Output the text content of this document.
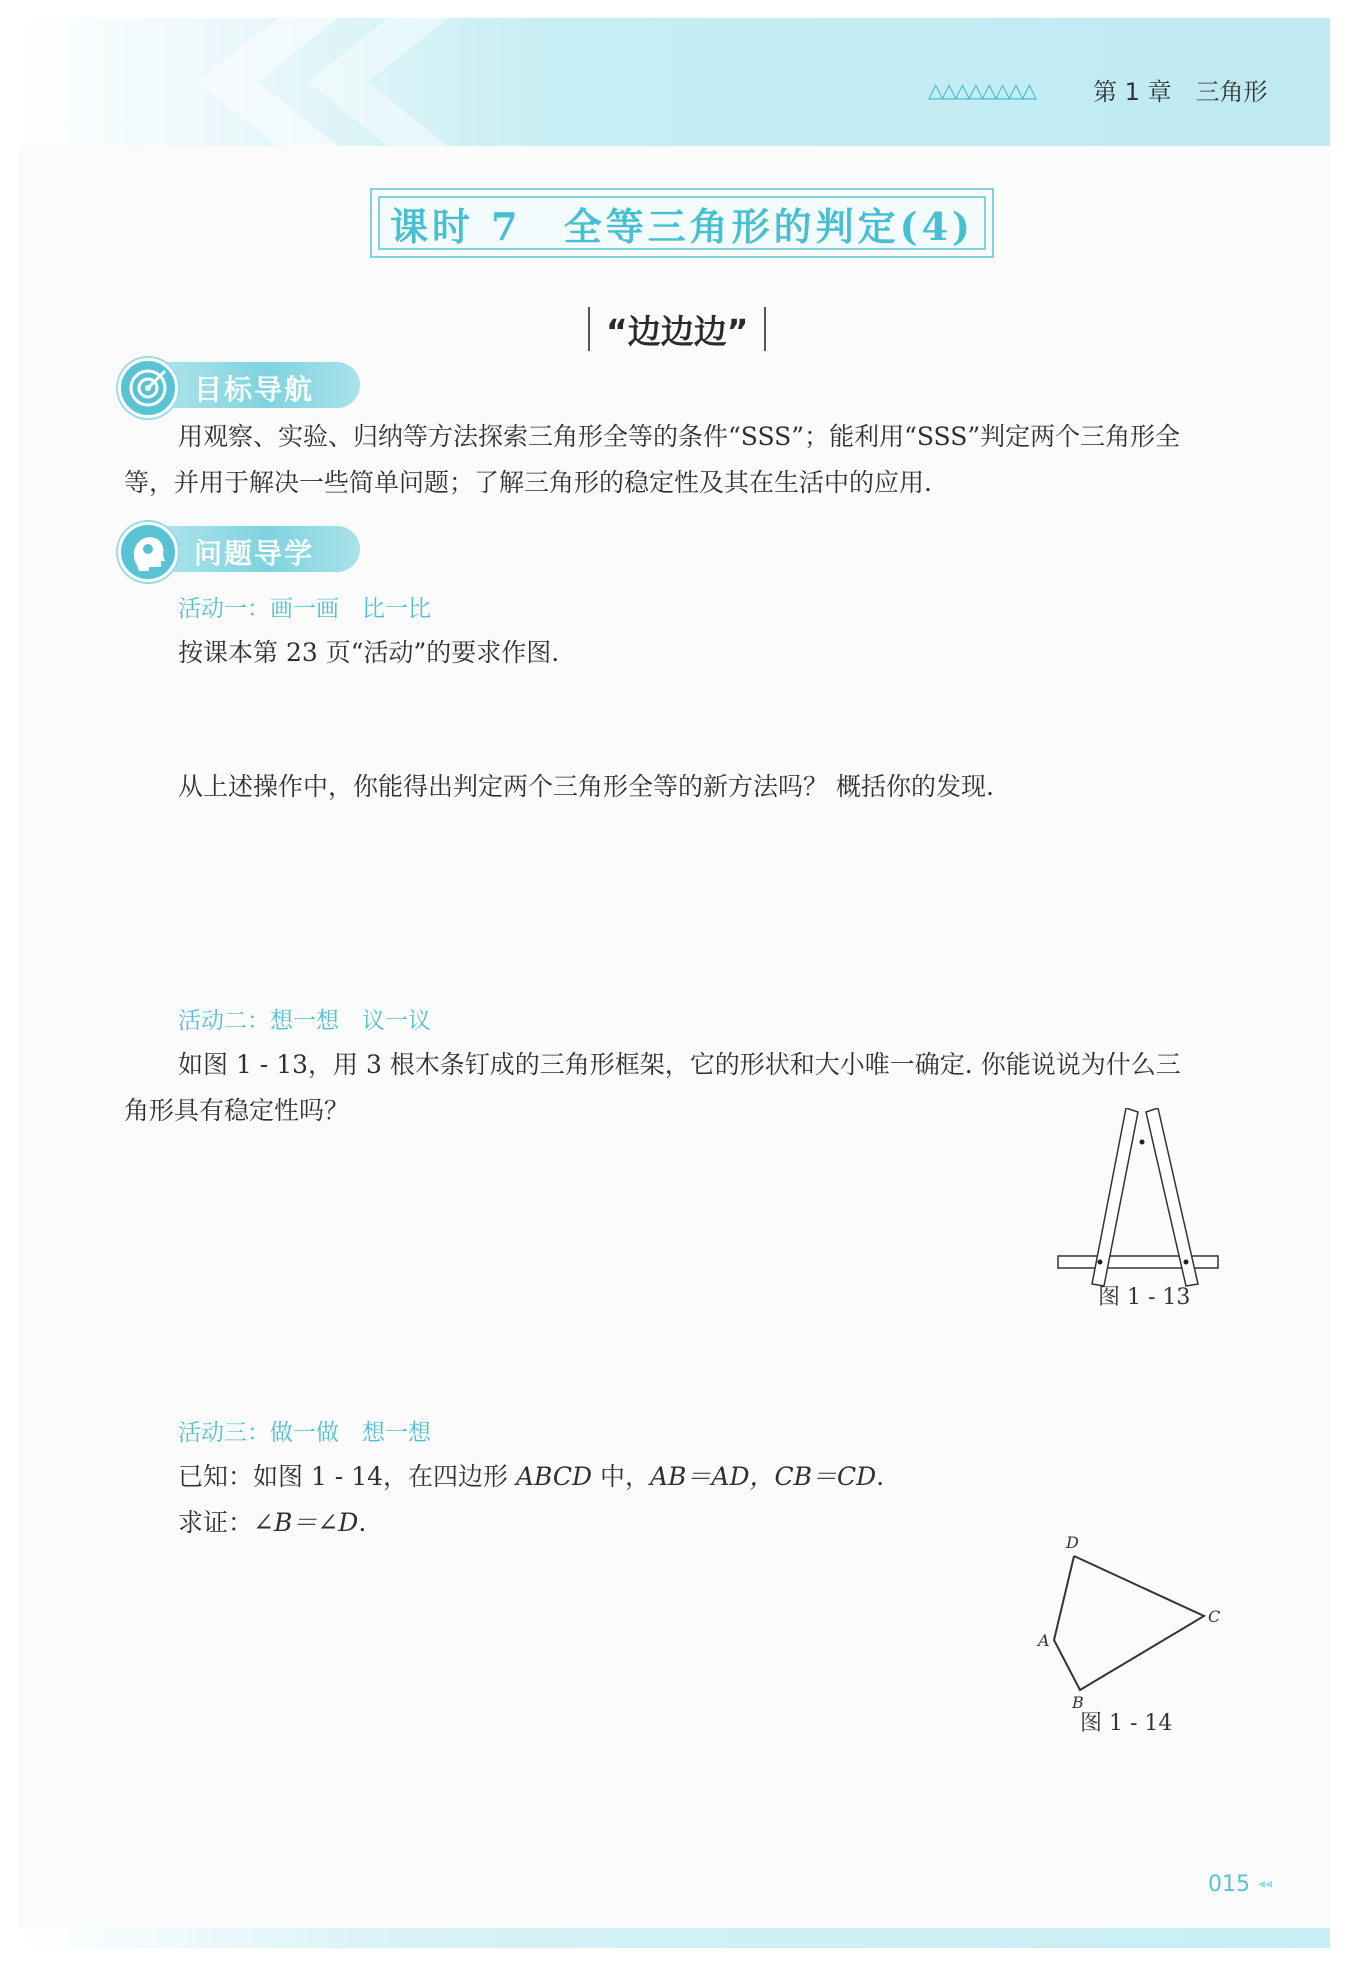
△△△△△△△△ 第 1 章　三角形
课时 7　全等三角形的判定(4)
“边边边”
目标导航
用观察、实验、归纳等方法探索三角形全等的条件“SSS”；能利用“SSS”判定两个三角形全
等，并用于解决一些简单问题；了解三角形的稳定性及其在生活中的应用.
问题导学
活动一：画一画　比一比
按课本第 23 页“活动”的要求作图.
从上述操作中，你能得出判定两个三角形全等的新方法吗？ 概括你的发现.
活动二：想一想　议一议
如图 1 - 13，用 3 根木条钉成的三角形框架，它的形状和大小唯一确定. 你能说说为什么三
角形具有稳定性吗？
图 1 - 13
活动三：做一做　想一想
已知：如图 1 - 14，在四边形 ABCD 中，AB＝AD，CB＝CD.
求证：∠B＝∠D.
D
C
A
B
图 1 - 14
015 ◂◂
